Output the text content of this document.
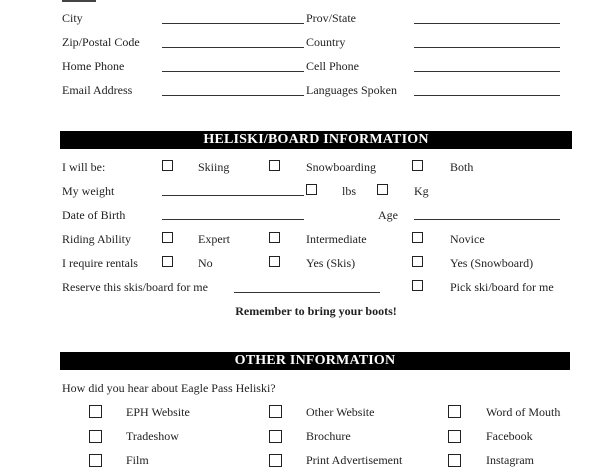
City	Prov/State
Zip/Postal Code	Country
Home Phone	Cell Phone
Email Address	Languages Spoken
HELISKI/BOARD INFORMATION
I will be:	Skiing	Snowboarding	Both
My weight	lbs	Kg
Date of Birth	Age
Riding Ability	Expert	Intermediate	Novice
I require rentals	No	Yes (Skis)	Yes (Snowboard)
Reserve this skis/board for me	Pick ski/board for me
Remember to bring your boots!
OTHER INFORMATION
How did you hear about Eagle Pass Heliski?
EPH Website	Other Website	Word of Mouth
Tradeshow	Brochure	Facebook
Film	Print Advertisement	Instagram
